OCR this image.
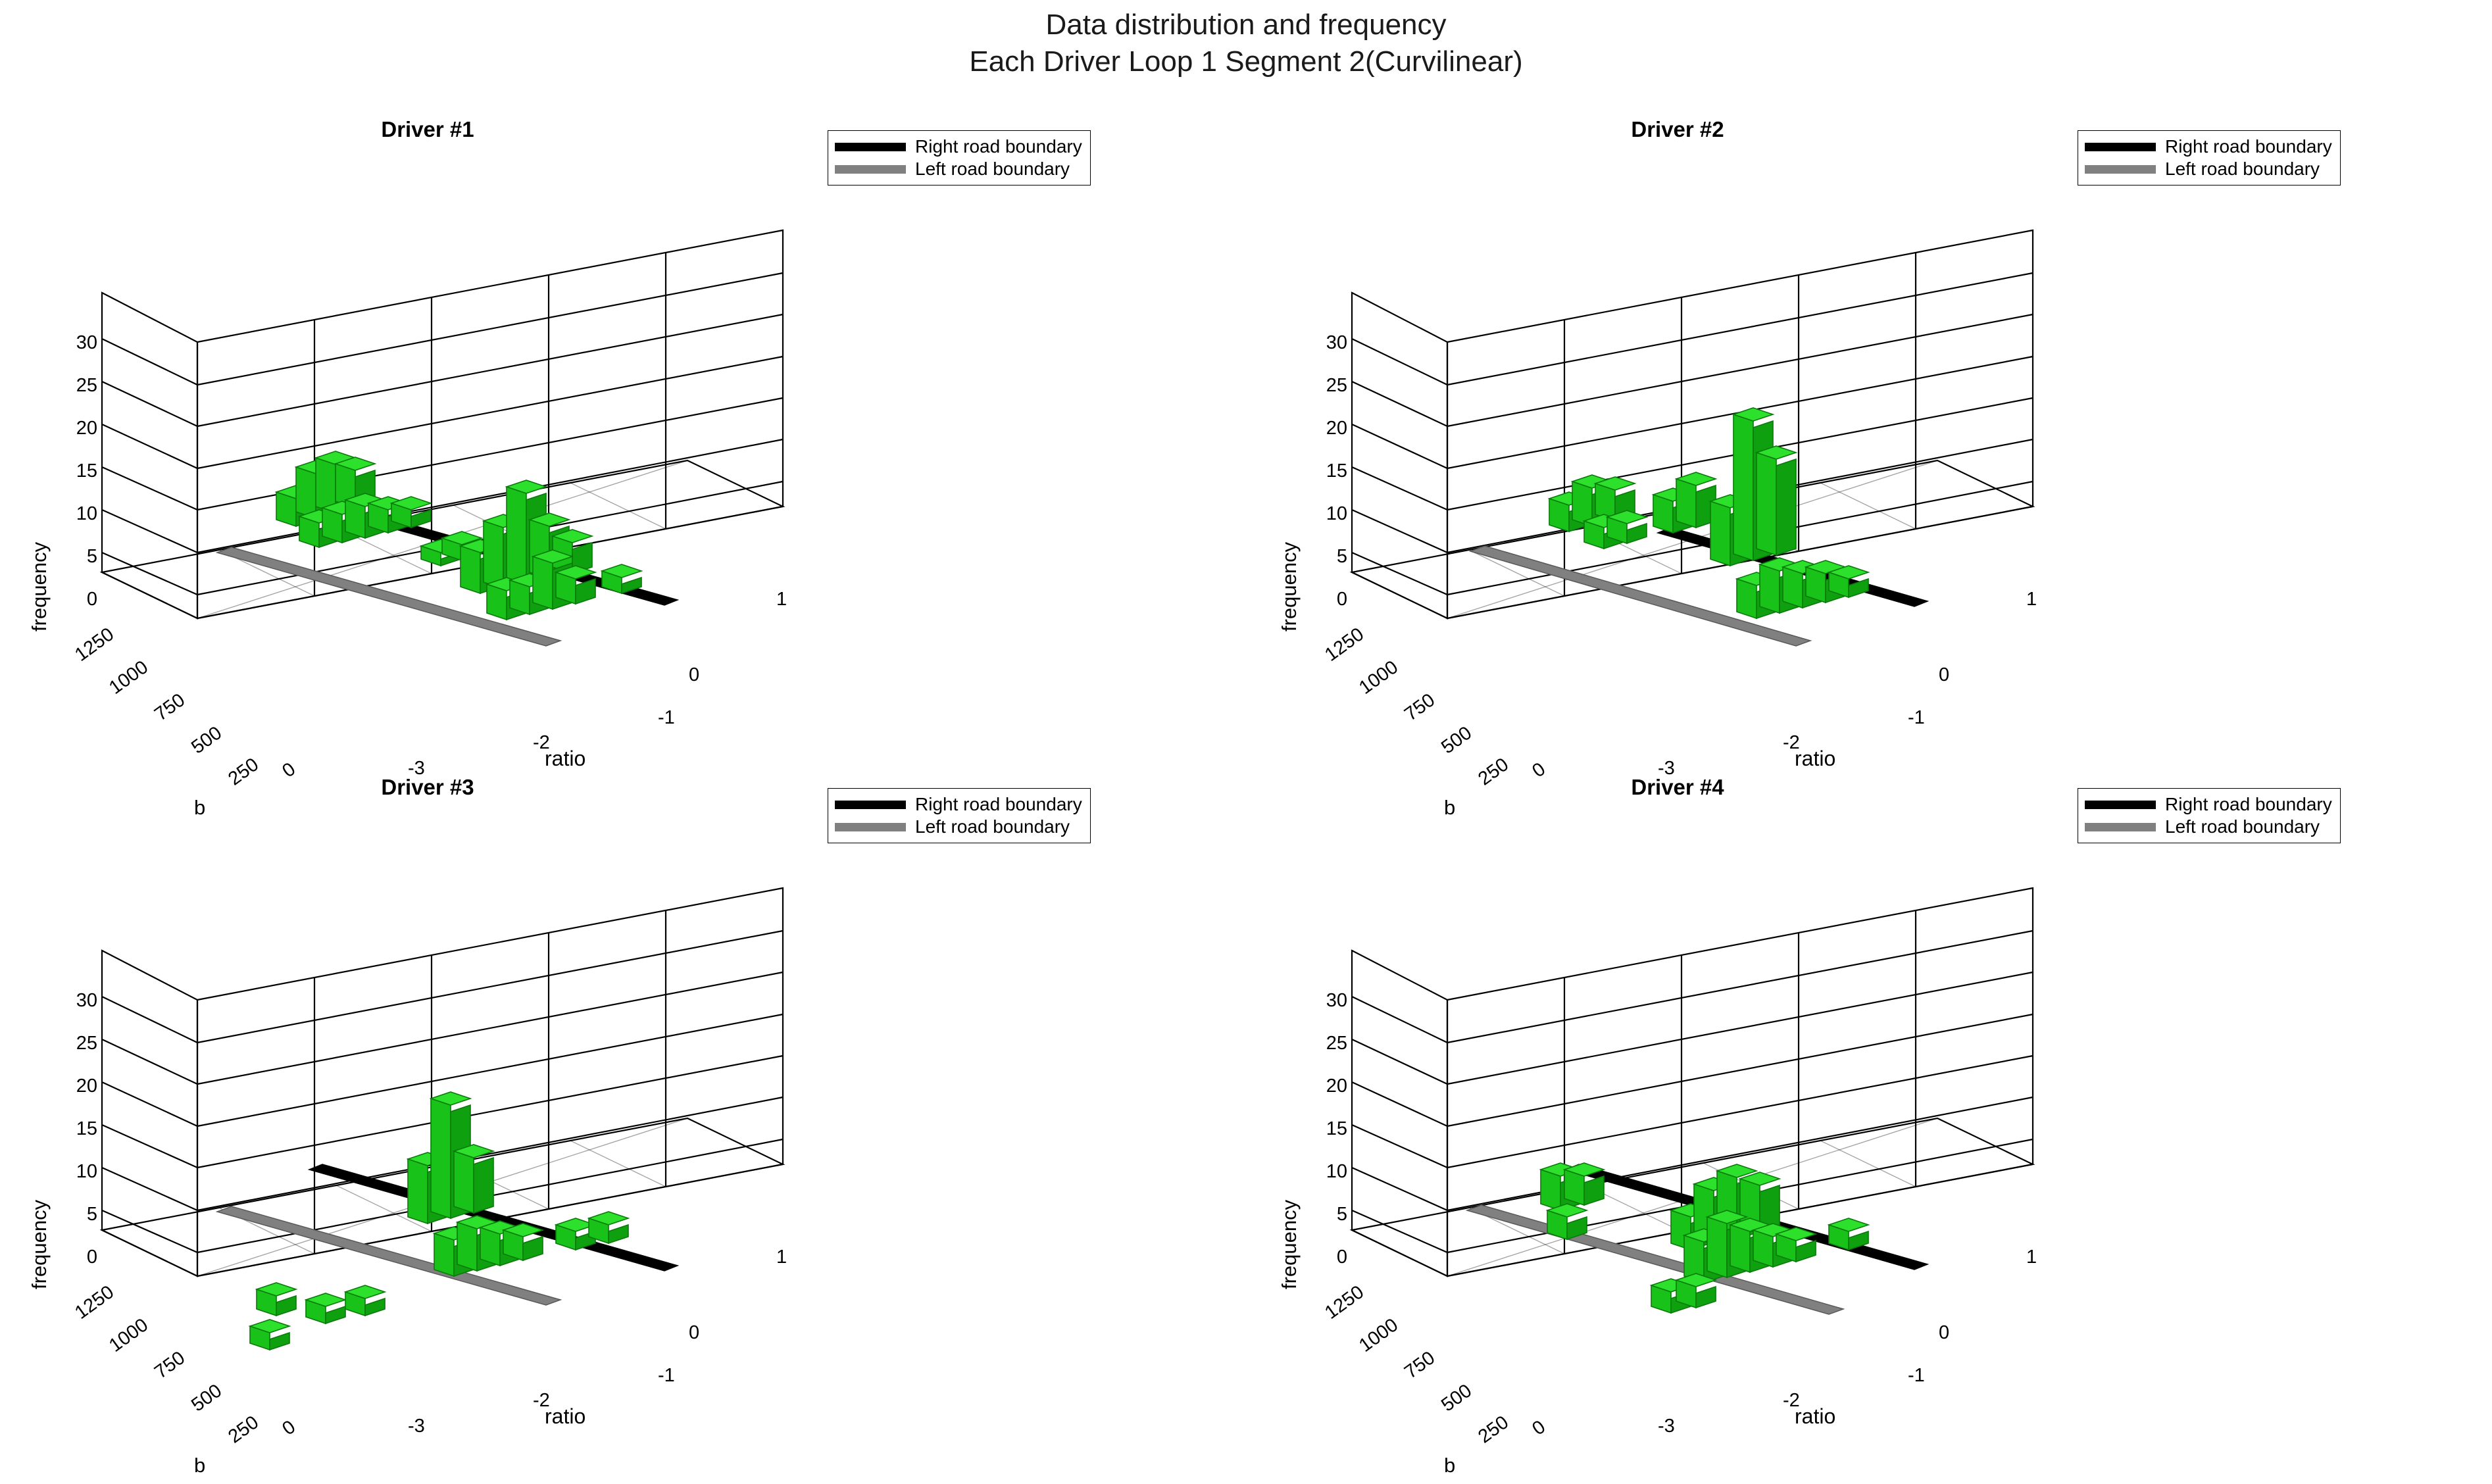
Data distribution and frequency
Each Driver Loop 1 Segment 2(Curvilinear)
Driver #1
Right road boundary
Left road boundary
frequency
ratio
b
30
25
20
15
10
5
0
1250
1000
750
500
250 0	-3
-2
-1
0
1
Driver #2
Right road boundary
Left road boundary
frequency
ratio
b
30
25
20
15
10
5
0
1250
1000
750
500
250 0	-3
-2
-1
0
1
Driver #3
Right road boundary
Left road boundary
frequency
ratio
b
30
25
20
15
10
5
0
1250
1000
750
500
250 0	-3
-2
-1
0
1
Driver #4
Right road boundary
Left road boundary
frequency
ratio
b
30
25
20
15
10
5
0
1250
1000
750
500
250 0	-3
-2
-1
0
1
